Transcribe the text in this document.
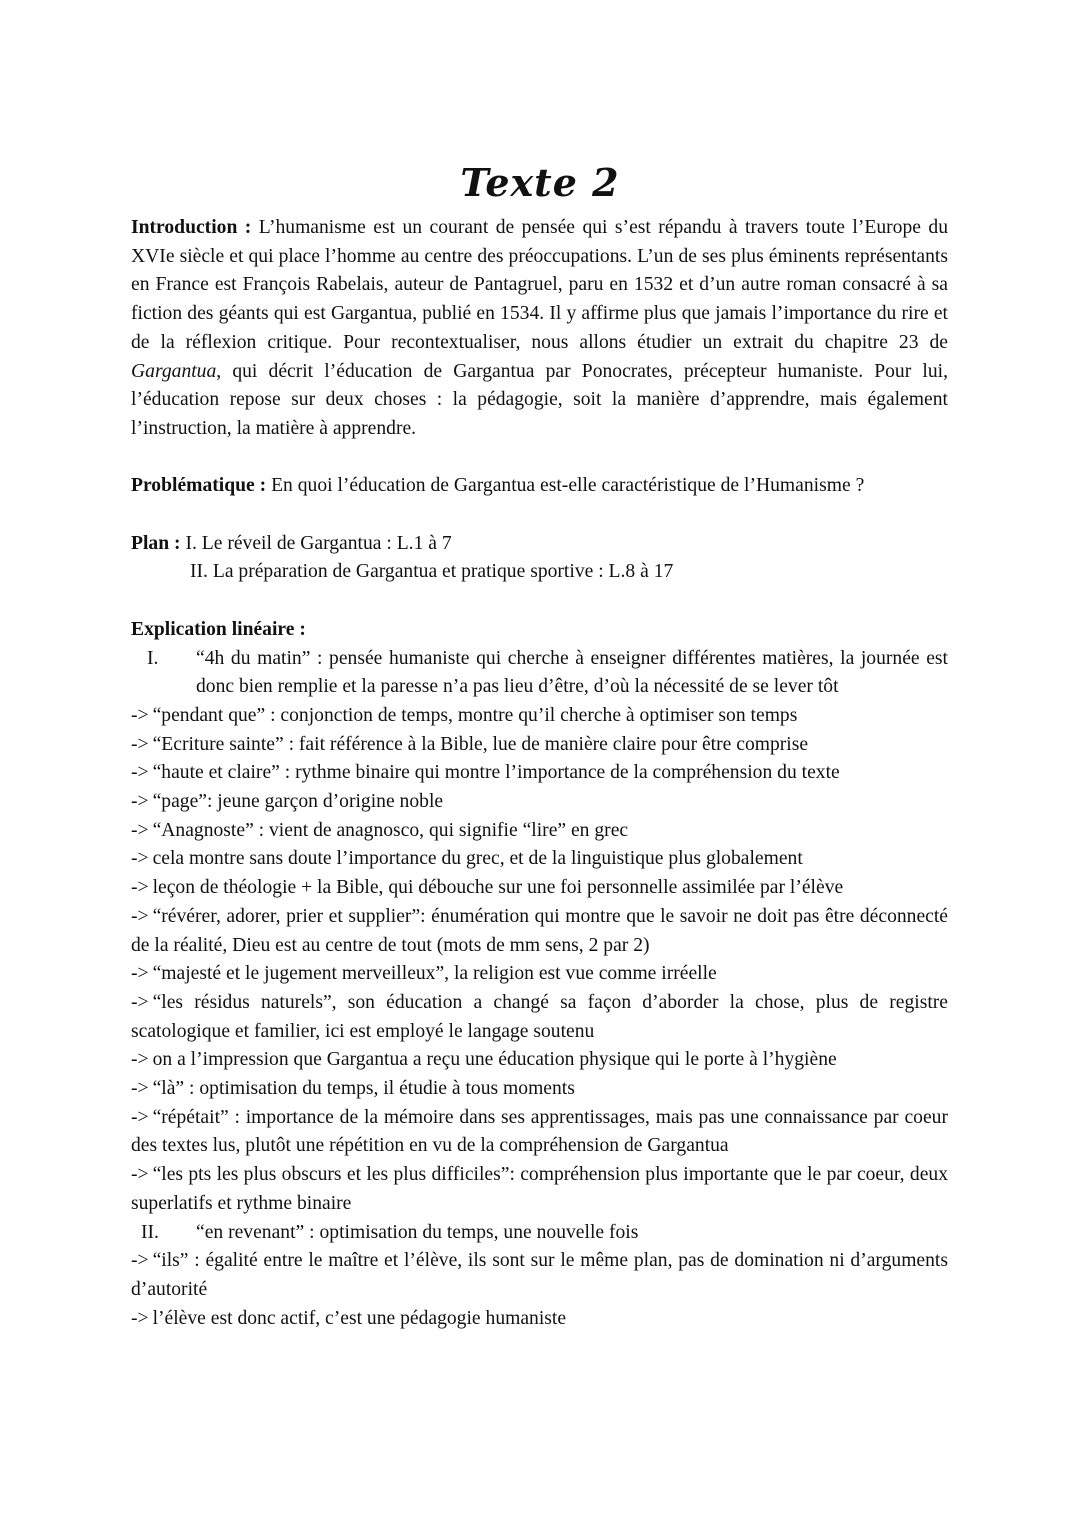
Texte 2

Introduction : L’humanisme est un courant de pensée qui s’est répandu à travers toute l’Europe du XVIe siècle et qui place l’homme au centre des préoccupations. L’un de ses plus éminents représentants en France est François Rabelais, auteur de Pantagruel, paru en 1532 et d’un autre roman consacré à sa fiction des géants qui est Gargantua, publié en 1534. Il y affirme plus que jamais l’importance du rire et de la réflexion critique. Pour recontextualiser, nous allons étudier un extrait du chapitre 23 de Gargantua, qui décrit l’éducation de Gargantua par Ponocrates, précepteur humaniste. Pour lui, l’éducation repose sur deux choses : la pédagogie, soit la manière d’apprendre, mais également l’instruction, la matière à apprendre.

Problématique : En quoi l’éducation de Gargantua est-elle caractéristique de l’Humanisme ?

Plan : I. Le réveil de Gargantua : L.1 à 7
II. La préparation de Gargantua et pratique sportive : L.8 à 17
Explication linéaire :
I.	“4h du matin” : pensée humaniste qui cherche à enseigner différentes matières, la journée est donc bien remplie et la paresse n’a pas lieu d’être, d’où la nécessité de se lever tôt

-> “pendant que” : conjonction de temps, montre qu’il cherche à optimiser son temps

-> “Ecriture sainte” : fait référence à la Bible, lue de manière claire pour être comprise

-> “haute et claire” : rythme binaire qui montre l’importance de la compréhension du texte

-> “page”: jeune garçon d’origine noble

-> “Anagnoste” : vient de anagnosco, qui signifie “lire” en grec

-> cela montre sans doute l’importance du grec, et de la linguistique plus globalement

-> leçon de théologie + la Bible, qui débouche sur une foi personnelle assimilée par l’élève

-> “révérer, adorer, prier et supplier”: énumération qui montre que le savoir ne doit pas être déconnecté de la réalité, Dieu est au centre de tout (mots de mm sens, 2 par 2)

-> “majesté et le jugement merveilleux”, la religion est vue comme irréelle

-> “les résidus naturels”, son éducation a changé sa façon d’aborder la chose, plus de registre scatologique et familier, ici est employé le langage soutenu

-> on a l’impression que Gargantua a reçu une éducation physique qui le porte à l’hygiène

-> “là” : optimisation du temps, il étudie à tous moments

-> “répétait” : importance de la mémoire dans ses apprentissages, mais pas une connaissance par coeur des textes lus, plutôt une répétition en vu de la compréhension de Gargantua

-> “les pts les plus obscurs et les plus difficiles”: compréhension plus importante que le par coeur, deux superlatifs et rythme binaire

II.	“en revenant” : optimisation du temps, une nouvelle fois

-> “ils” : égalité entre le maître et l’élève, ils sont sur le même plan, pas de domination ni d’arguments d’autorité

-> l’élève est donc actif, c’est une pédagogie humaniste
